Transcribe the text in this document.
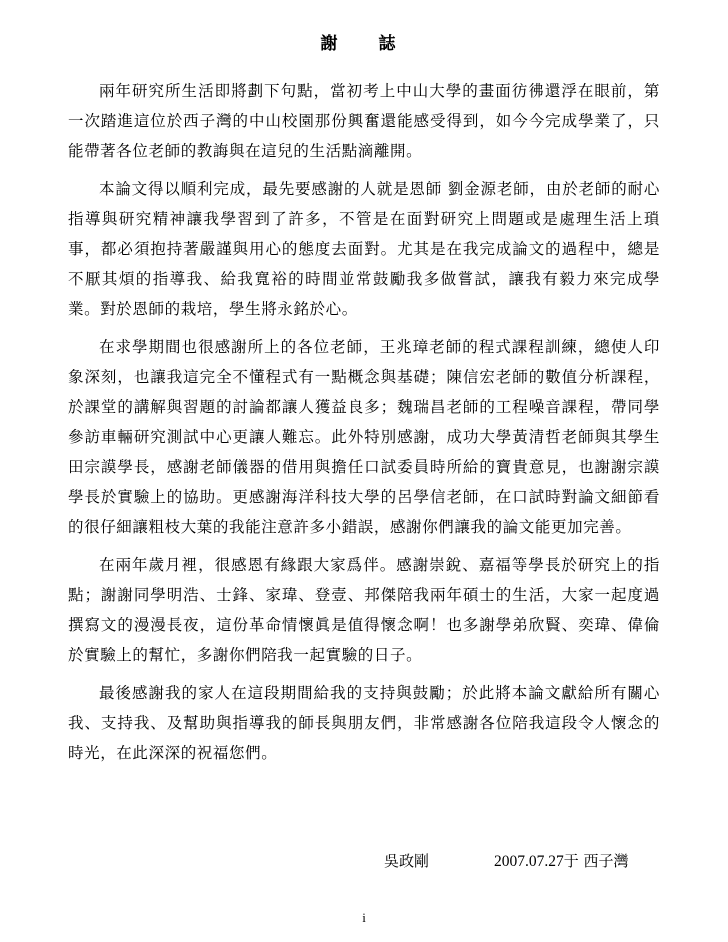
謝　誌

兩年研究所生活即將劃下句點，當初考上中山大學的畫面彷彿還浮在眼前，第一次踏進這位於西子灣的中山校園那份興奮還能感受得到，如今今完成學業了，只能帶著各位老師的教誨與在這兒的生活點滴離開。

本論文得以順利完成，最先要感謝的人就是恩師 劉金源老師，由於老師的耐心指導與研究精神讓我學習到了許多，不管是在面對研究上問題或是處理生活上瑣事，都必須抱持著嚴謹與用心的態度去面對。尤其是在我完成論文的過程中，總是不厭其煩的指導我、給我寬裕的時間並常鼓勵我多做嘗試，讓我有毅力來完成學業。對於恩師的栽培，學生將永銘於心。

在求學期間也很感謝所上的各位老師，王兆璋老師的程式課程訓練，總使人印象深刻，也讓我這完全不懂程式有一點概念與基礎；陳信宏老師的數值分析課程，於課堂的講解與習題的討論都讓人獲益良多；魏瑞昌老師的工程噪音課程，帶同學參訪車輛研究測試中心更讓人難忘。此外特別感謝，成功大學黃清哲老師與其學生田宗謨學長，感謝老師儀器的借用與擔任口試委員時所給的寶貴意見，也謝謝宗謨學長於實驗上的協助。更感謝海洋科技大學的呂學信老師，在口試時對論文細節看的很仔細讓粗枝大葉的我能注意許多小錯誤，感謝你們讓我的論文能更加完善。

在兩年歲月裡，很感恩有緣跟大家爲伴。感謝崇銳、嘉福等學長於研究上的指點；謝謝同學明浩、士鋒、家瑋、登壹、邦傑陪我兩年碩士的生活，大家一起度過撰寫文的漫漫長夜，這份革命情懷眞是值得懷念啊！也多謝學弟欣賢、奕瑋、偉倫於實驗上的幫忙，多謝你們陪我一起實驗的日子。

最後感謝我的家人在這段期間給我的支持與鼓勵；於此將本論文獻給所有關心我、支持我、及幫助與指導我的師長與朋友們，非常感謝各位陪我這段令人懷念的時光，在此深深的祝福您們。

吳政剛	2007.07.27于 西子灣
i
